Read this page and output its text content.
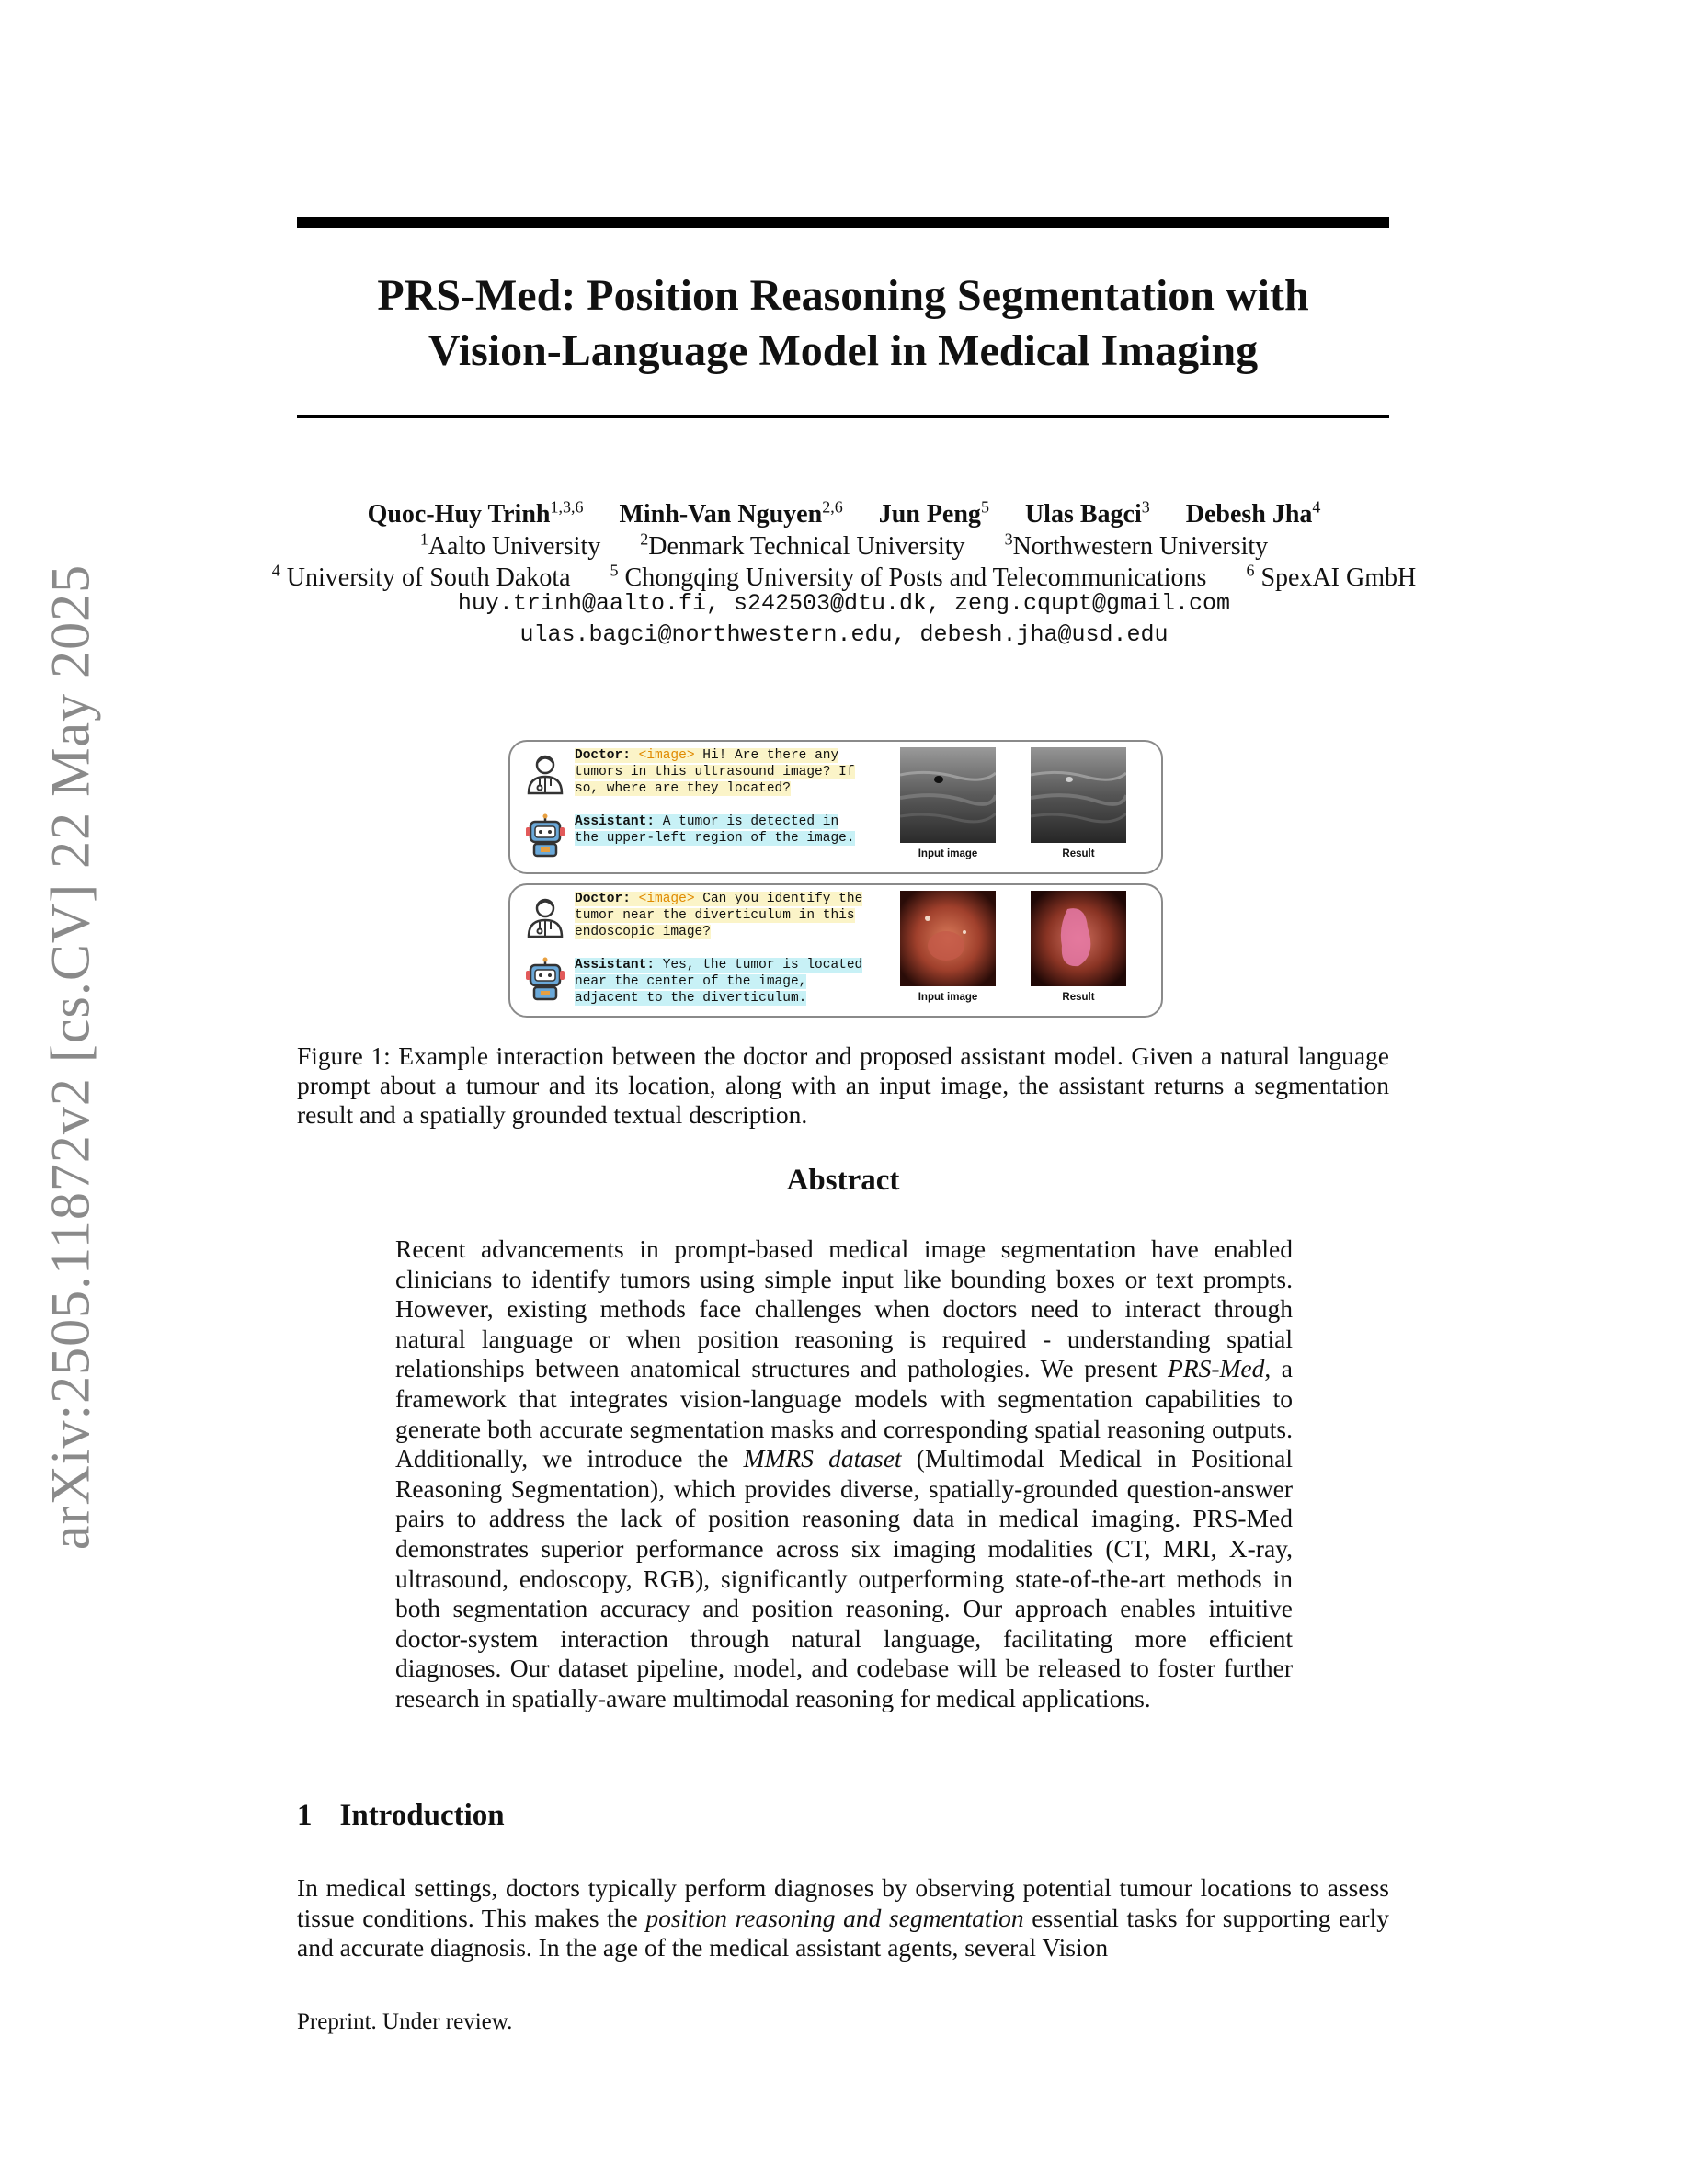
arXiv:2505.11872v2 [cs.CV] 22 May 2025
PRS-Med: Position Reasoning Segmentation with
Vision-Language Model in Medical Imaging
Quoc-Huy Trinh$^{1,3,6}$ Minh-Van Nguyen$^{2,6}$ Jun Peng$^5$ Ulas Bagci$^3$ Debesh Jha$^4$
$^1$Aalto University $^2$Denmark Technical University $^3$Northwestern University
$^4$ University of South Dakota $^5$ Chongqing University of Posts and Telecommunications $^6$ SpexAI GmbH
huy.trinh@aalto.fi, s242503@dtu.dk, zeng.cqupt@gmail.com
ulas.bagci@northwestern.edu, debesh.jha@usd.edu
Doctor: <image> Hi! Are there any tumors in this ultrasound image? If so, where are they located?
Assistant: A tumor is detected in the upper-left region of the image.
Input image	Result
Doctor: <image> Can you identify the tumor near the diverticulum in this endoscopic image?
Assistant: Yes, the tumor is located near the center of the image, adjacent to the diverticulum.	Input image	Result

Figure 1: Example interaction between the doctor and proposed assistant model. Given a natural language prompt about a tumour and its location, along with an input image, the assistant returns a segmentation result and a spatially grounded textual description.

Abstract

Recent advancements in prompt-based medical image segmentation have enabled clinicians to identify tumors using simple input like bounding boxes or text prompts. However, existing methods face challenges when doctors need to interact through natural language or when position reasoning is required - understanding spatial relationships between anatomical structures and pathologies. We present PRS-Med, a framework that integrates vision-language models with segmentation capabilities to generate both accurate segmentation masks and corresponding spatial reasoning outputs. Additionally, we introduce the MMRS dataset (Multimodal Medical in Positional Reasoning Segmentation), which provides diverse, spatially-grounded question-answer pairs to address the lack of position reasoning data in medical imaging. PRS-Med demonstrates superior performance across six imaging modalities (CT, MRI, X-ray, ultrasound, endoscopy, RGB), significantly outperforming state-of-the-art methods in both segmentation accuracy and position reasoning. Our approach enables intuitive doctor-system interaction through natural language, facilitating more efficient diagnoses. Our dataset pipeline, model, and codebase will be released to foster further research in spatially-aware multimodal reasoning for medical applications.

1 Introduction

In medical settings, doctors typically perform diagnoses by observing potential tumour locations to assess tissue conditions. This makes the position reasoning and segmentation essential tasks for supporting early and accurate diagnosis. In the age of the medical assistant agents, several Vision

Preprint. Under review.
